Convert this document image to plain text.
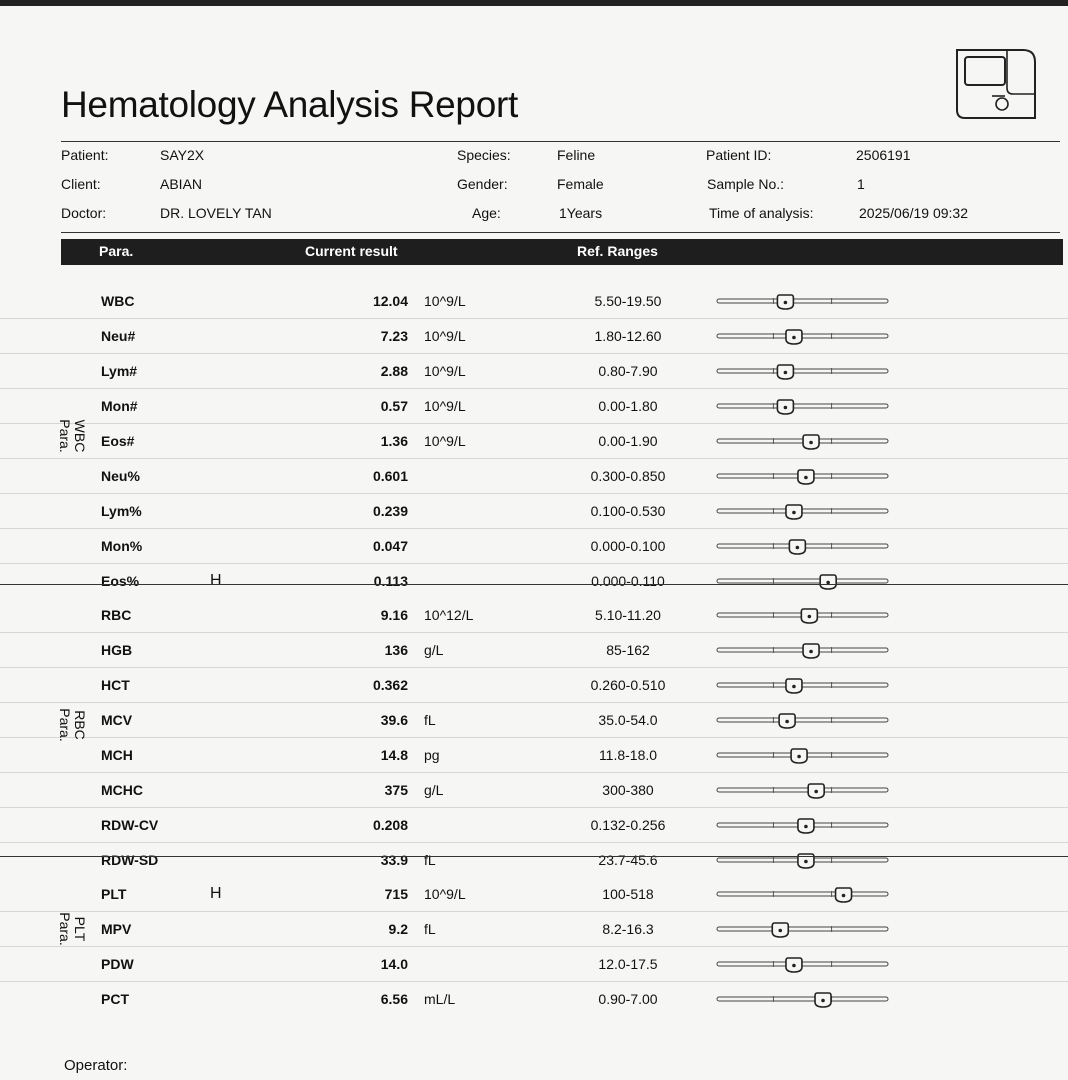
Hematology Analysis Report
Patient:	SAY2X
Client:	ABIAN
Doctor:	DR. LOVELY TAN
Species:	Feline
Gender:	Female
Age:	1Years
Patient ID:	2506191
Sample No.:	1
Time of analysis:	2025/06/19 09:32
Para.	Current result	Ref. Ranges
WBC	12.04 10^9/L	5.50-19.50
Neu#	7.23 10^9/L	1.80-12.60
Lym#	2.88 10^9/L	0.80-7.90
Mon#	0.57 10^9/L	0.00-1.80
Eos#	1.36 10^9/L	0.00-1.90
Neu%	0.601	0.300-0.850
Lym%	0.239	0.100-0.530
Mon%	0.047	0.000-0.100
Eos%	H	0.113	0.000-0.110
WBC Para.
RBC	9.16 10^12/L	5.10-11.20
HGB	136 g/L	85-162
HCT	0.362	0.260-0.510
MCV	39.6 fL	35.0-54.0
MCH	14.8 pg	11.8-18.0
MCHC	375 g/L	300-380
RDW-CV	0.208	0.132-0.256
RDW-SD	33.9 fL	23.7-45.6
RBC Para.
PLT	H	715 10^9/L	100-518
MPV	9.2 fL	8.2-16.3
PDW	14.0	12.0-17.5
PCT	6.56 mL/L	0.90-7.00
PLT Para.
Operator:
